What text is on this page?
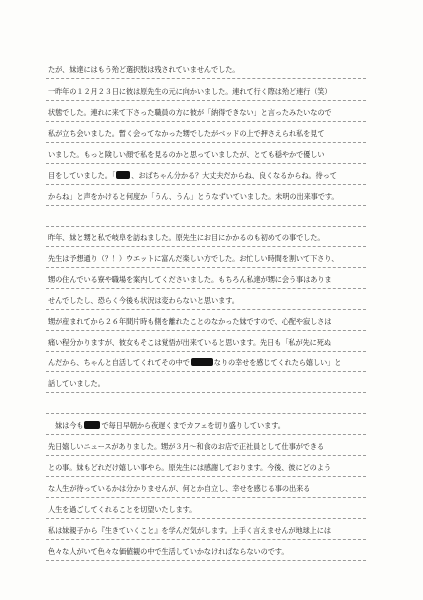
たが、妹達にはもう殆ど選択肢は残されていませんでした。
一昨年の１２月２３日に彼は原先生の元に向かいました。連れて行く際は殆ど連行（笑）
状態でした。連れに来て下さった職員の方に彼が「納得できない」と言ったみたいなので
私が立ち会いました。暫く会ってなかった甥でしたがベッドの上で押さえられ私を見て
いました。もっと険しい顔で私を見るのかと思っていましたが、とても穏やかで優しい
目をしていました。「 、おばちゃん分かる？大丈夫だからね、良くなるからね。待って
からね」と声をかけると何度か「うん、うん」とうなずいていました。未明の出来事です。
昨年、妹と甥と私で岐阜を訪ねました。原先生にお目にかかるのも初めての事でした。
先生は予想通り（？！）ウエットに富んだ楽しい方でした。お忙しい時間を割いて下さり、
甥の住んでいる寮や職場を案内してくださいました。もちろん私達が甥に会う事はありま
せんでしたし、恐らく今後も状況は変わらないと思います。
甥が産まれてから２６年間片時も側を離れたことのなかった妹ですので、心配や寂しさは
痛い程分かりますが、彼女もそこは覚悟が出来ていると思います。先日も「私が先に死ぬ
んだから、ちゃんと自活してくれてその中で	なりの幸せを感じてくれたら嬉しい」と
話していました。
　妹は今も	で毎日早朝から夜遅くまでカフェを切り盛りしています。
先日嬉しいニュースがありました。甥が３月～和食のお店で正社員として仕事ができる
との事。妹もどれだけ嬉しい事やら。原先生には感謝しております。今後、彼にどのよう
な人生が待っているかは分かりませんが、何とか自立し、幸せを感じる事の出来る
人生を過ごしてくれることを切望いたします。
私は妹親子から『生きていくこと』を学んだ気がします。上手く言えませんが地球上には
色々な人がいて色々な価値観の中で生活していかなければならないのです。
